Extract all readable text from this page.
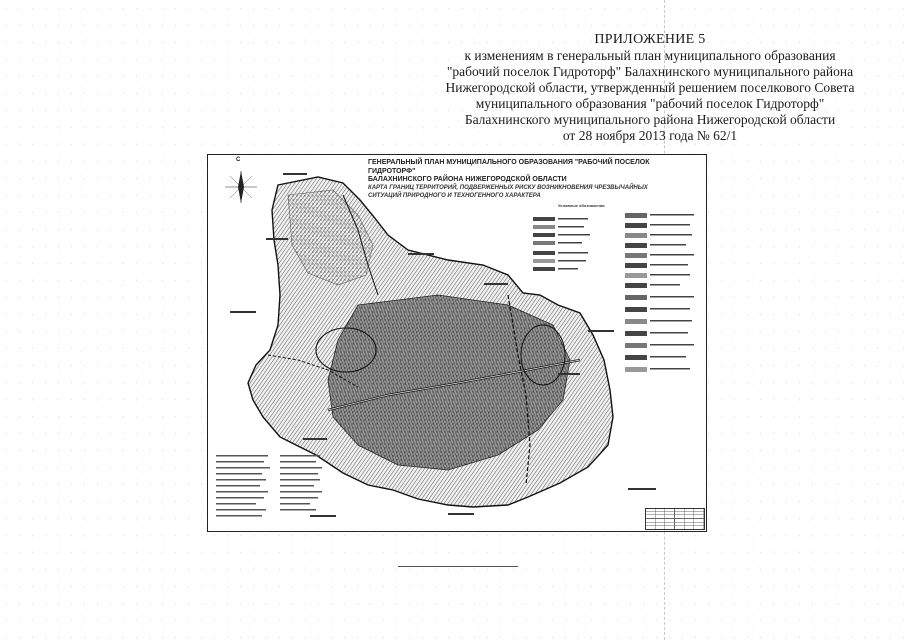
ПРИЛОЖЕНИЕ 5
к изменениям в генеральный план муниципального образования
"рабочий поселок Гидроторф" Балахнинского муниципального района
Нижегородской области, утвержденный решением поселкового Совета
муниципального образования "рабочий поселок Гидроторф"
Балахнинского муниципального района Нижегородской области
от 28 ноября 2013 года № 62/1
ГЕНЕРАЛЬНЫЙ ПЛАН МУНИЦИПАЛЬНОГО ОБРАЗОВАНИЯ "РАБОЧИЙ ПОСЕЛОК ГИДРОТОРФ"
БАЛАХНИНСКОГО РАЙОНА НИЖЕГОРОДСКОЙ ОБЛАСТИ
КАРТА ГРАНИЦ ТЕРРИТОРИЙ, ПОДВЕРЖЕННЫХ РИСКУ ВОЗНИКНОВЕНИЯ ЧРЕЗВЫЧАЙНЫХ
СИТУАЦИЙ ПРИРОДНОГО И ТЕХНОГЕННОГО ХАРАКТЕРА
Условные обозначения
С
